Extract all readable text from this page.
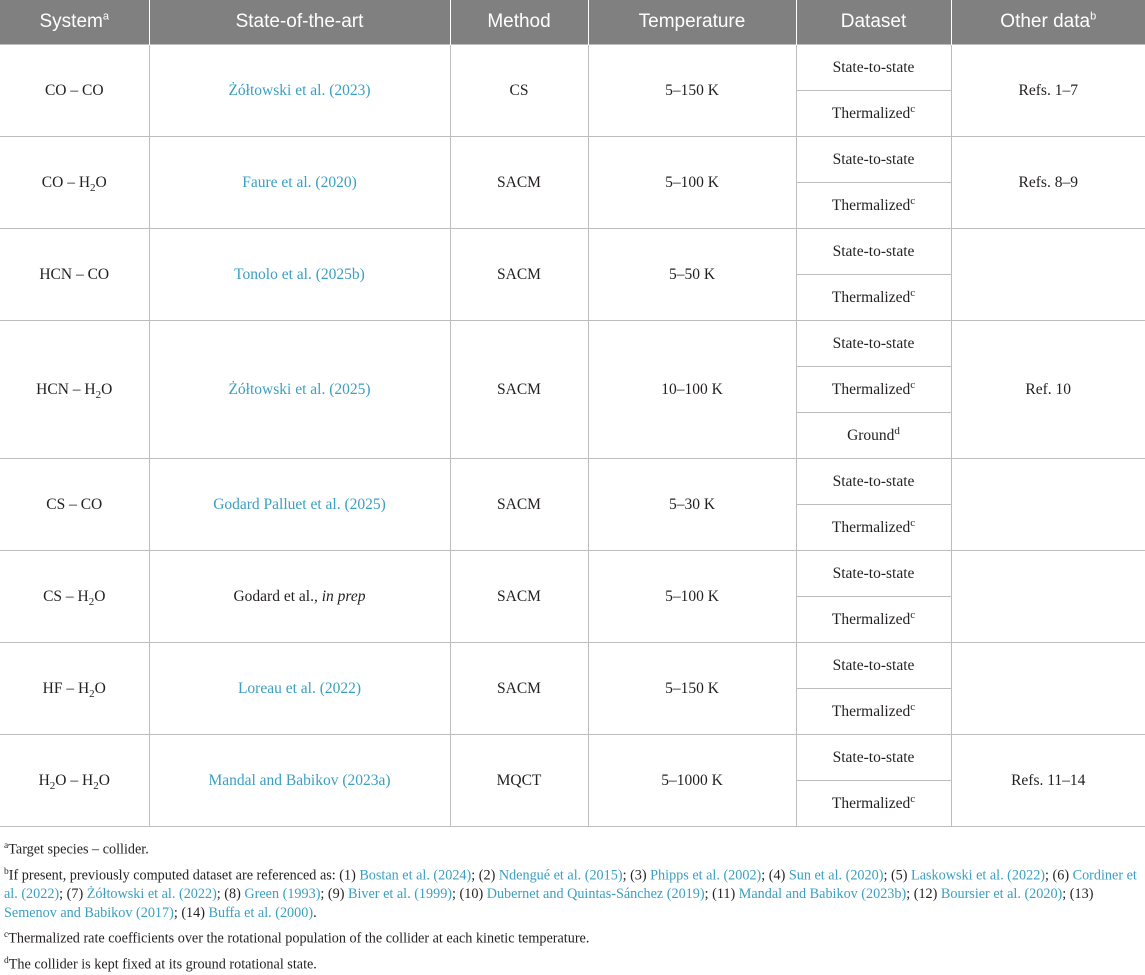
System$^a$	State-of-the-art	Method	Temperature	Dataset	Other data$^b$
CO – CO	Żółtowski et al. (2023)	CS	5–150 K	State-to-state	Refs. 1–7
				Thermalized$^c$
CO – $H_2O$	Faure et al. (2020)	SACM	5–100 K	State-to-state	Refs. 8–9
				Thermalized$^c$
HCN – CO	Tonolo et al. (2025b)	SACM	5–50 K	State-to-state	
				Thermalized$^c$
HCN – $H_2O$	Żółtowski et al. (2025)	SACM	10–100 K	State-to-state	Ref. 10
				Thermalized$^c$
				Ground$^d$
CS – CO	Godard Palluet et al. (2025)	SACM	5–30 K	State-to-state	
				Thermalized$^c$
CS – $H_2O$	Godard et al., in prep	SACM	5–100 K	State-to-state	
				Thermalized$^c$
HF – $H_2O$	Loreau et al. (2022)	SACM	5–150 K	State-to-state	
				Thermalized$^c$
$H_2O - H_2O$	Mandal and Babikov (2023a)	MQCT	5–1000 K	State-to-state	Refs. 11–14
				Thermalized$^c$

$^a$Target species – collider.

$^b$If present, previously computed dataset are referenced as: (1) Bostan et al. (2024); (2) Ndengué et al. (2015); (3) Phipps et al. (2002); (4) Sun et al. (2020); (5) Laskowski et al. (2022); (6) Cordiner et al. (2022); (7) Żółtowski et al. (2022); (8) Green (1993); (9) Biver et al. (1999); (10) Dubernet and Quintas-Sánchez (2019); (11) Mandal and Babikov (2023b); (12) Boursier et al. (2020); (13) Semenov and Babikov (2017); (14) Buffa et al. (2000).

$^c$Thermalized rate coefficients over the rotational population of the collider at each kinetic temperature.

$^d$The collider is kept fixed at its ground rotational state.
